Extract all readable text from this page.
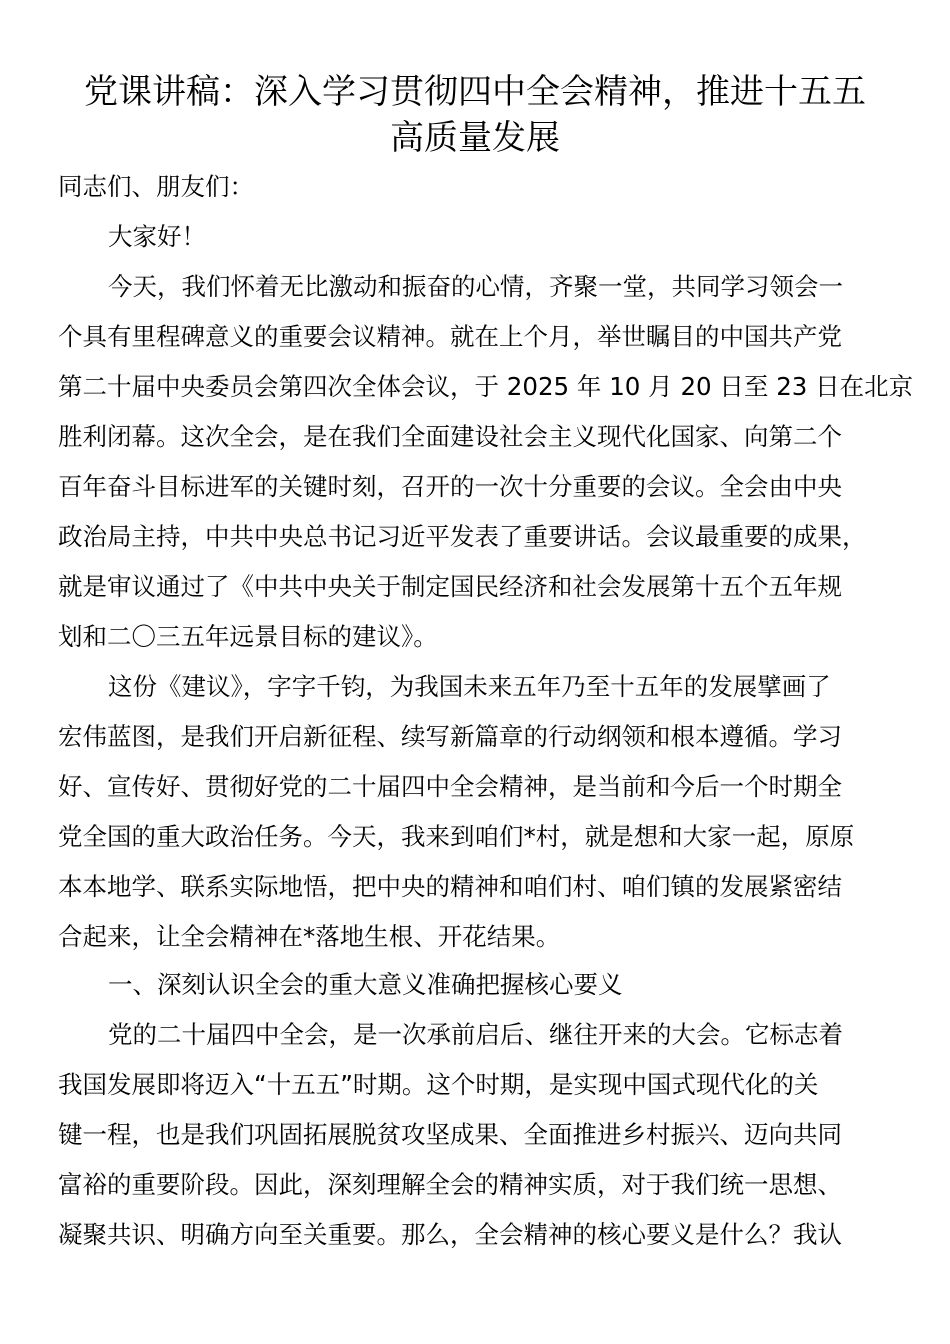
党课讲稿：深入学习贯彻四中全会精神，推进十五五
高质量发展
同志们、朋友们：
大家好！
今天，我们怀着无比激动和振奋的心情，齐聚一堂，共同学习领会一
个具有里程碑意义的重要会议精神。就在上个月，举世瞩目的中国共产党
第二十届中央委员会第四次全体会议，于 2025 年 10 月 20 日至 23 日在北京
胜利闭幕。这次全会，是在我们全面建设社会主义现代化国家、向第二个
百年奋斗目标进军的关键时刻，召开的一次十分重要的会议。全会由中央
政治局主持，中共中央总书记习近平发表了重要讲话。会议最重要的成果，
就是审议通过了《中共中央关于制定国民经济和社会发展第十五个五年规
划和二〇三五年远景目标的建议》。
这份《建议》，字字千钧，为我国未来五年乃至十五年的发展擘画了
宏伟蓝图，是我们开启新征程、续写新篇章的行动纲领和根本遵循。学习
好、宣传好、贯彻好党的二十届四中全会精神，是当前和今后一个时期全
党全国的重大政治任务。今天，我来到咱们*村，就是想和大家一起，原原
本本地学、联系实际地悟，把中央的精神和咱们村、咱们镇的发展紧密结
合起来，让全会精神在*落地生根、开花结果。
一、深刻认识全会的重大意义准确把握核心要义
党的二十届四中全会，是一次承前启后、继往开来的大会。它标志着
我国发展即将迈入“十五五”时期。这个时期，是实现中国式现代化的关
键一程，也是我们巩固拓展脱贫攻坚成果、全面推进乡村振兴、迈向共同
富裕的重要阶段。因此，深刻理解全会的精神实质，对于我们统一思想、
凝聚共识、明确方向至关重要。那么，全会精神的核心要义是什么？我认
